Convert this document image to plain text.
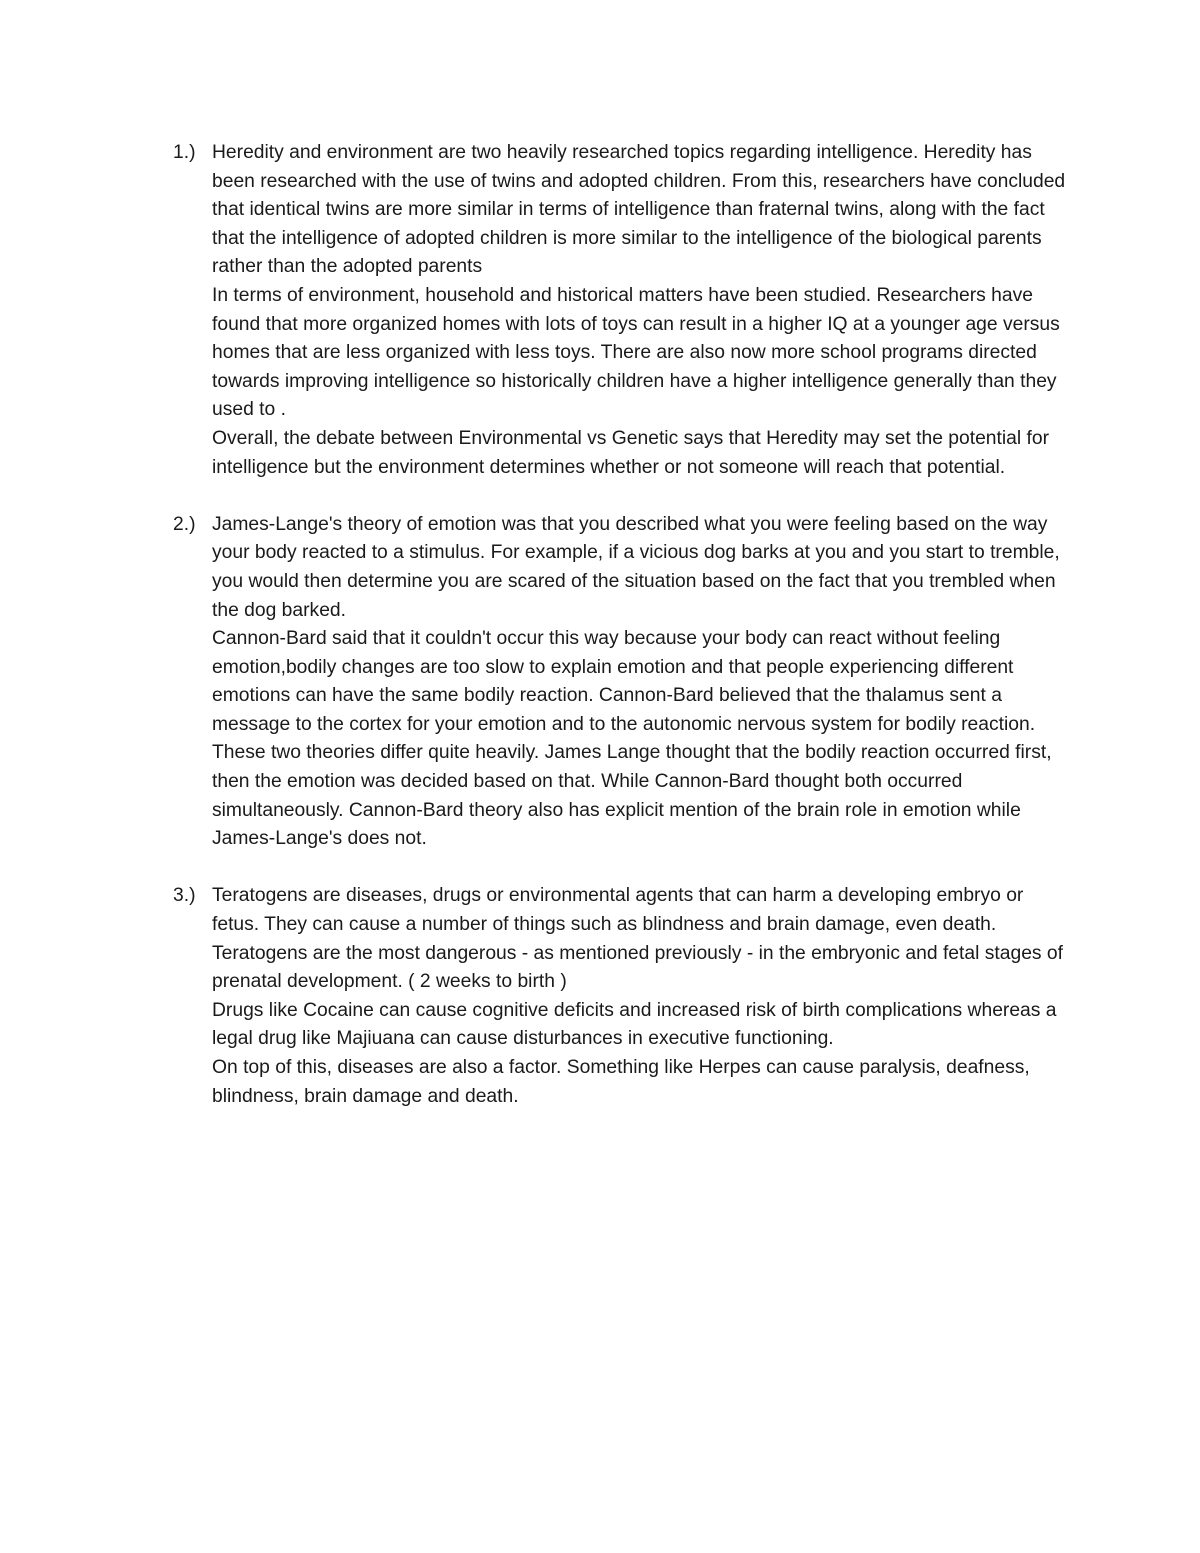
1.) Heredity and environment are two heavily researched topics regarding intelligence. Heredity has been researched with the use of twins and adopted children. From this, researchers have concluded that identical twins are more similar in terms of intelligence than fraternal twins, along with the fact that the intelligence of adopted children is more similar to the intelligence of the biological parents rather than the adopted parents
In terms of environment, household and historical matters have been studied. Researchers have found that more organized homes with lots of toys can result in a higher IQ at a younger age versus homes that are less organized with less toys. There are also now more school programs directed towards improving intelligence so historically children have a higher intelligence generally than they used to .
Overall, the debate between Environmental vs Genetic says that Heredity may set the potential for intelligence but the environment determines whether or not someone will reach that potential.
2.) James-Lange's theory of emotion was that you described what you were feeling based on the way your body reacted to a stimulus. For example, if a vicious dog barks at you and you start to tremble, you would then determine you are scared of the situation based on the fact that you trembled when the dog barked.
Cannon-Bard said that it couldn't occur this way because your body can react without feeling emotion,bodily changes are too slow to explain emotion and that people experiencing different emotions can have the same bodily reaction. Cannon-Bard believed that the thalamus sent a message to the cortex for your emotion and to the autonomic nervous system for bodily reaction.
These two theories differ quite heavily. James Lange thought that the bodily reaction occurred first, then the emotion was decided based on that. While Cannon-Bard thought both occurred simultaneously. Cannon-Bard theory also has explicit mention of the brain role in emotion while James-Lange's does not.
3.) Teratogens are diseases, drugs or environmental agents that can harm a developing embryo or fetus. They can cause a number of things such as blindness and brain damage, even death. Teratogens are the most dangerous - as mentioned previously - in the embryonic and fetal stages of prenatal development. ( 2 weeks to birth )
Drugs like Cocaine can cause cognitive deficits and increased risk of birth complications whereas a legal drug like Majiuana can cause disturbances in executive functioning.
On top of this, diseases are also a factor. Something like Herpes can cause paralysis, deafness, blindness, brain damage and death.
